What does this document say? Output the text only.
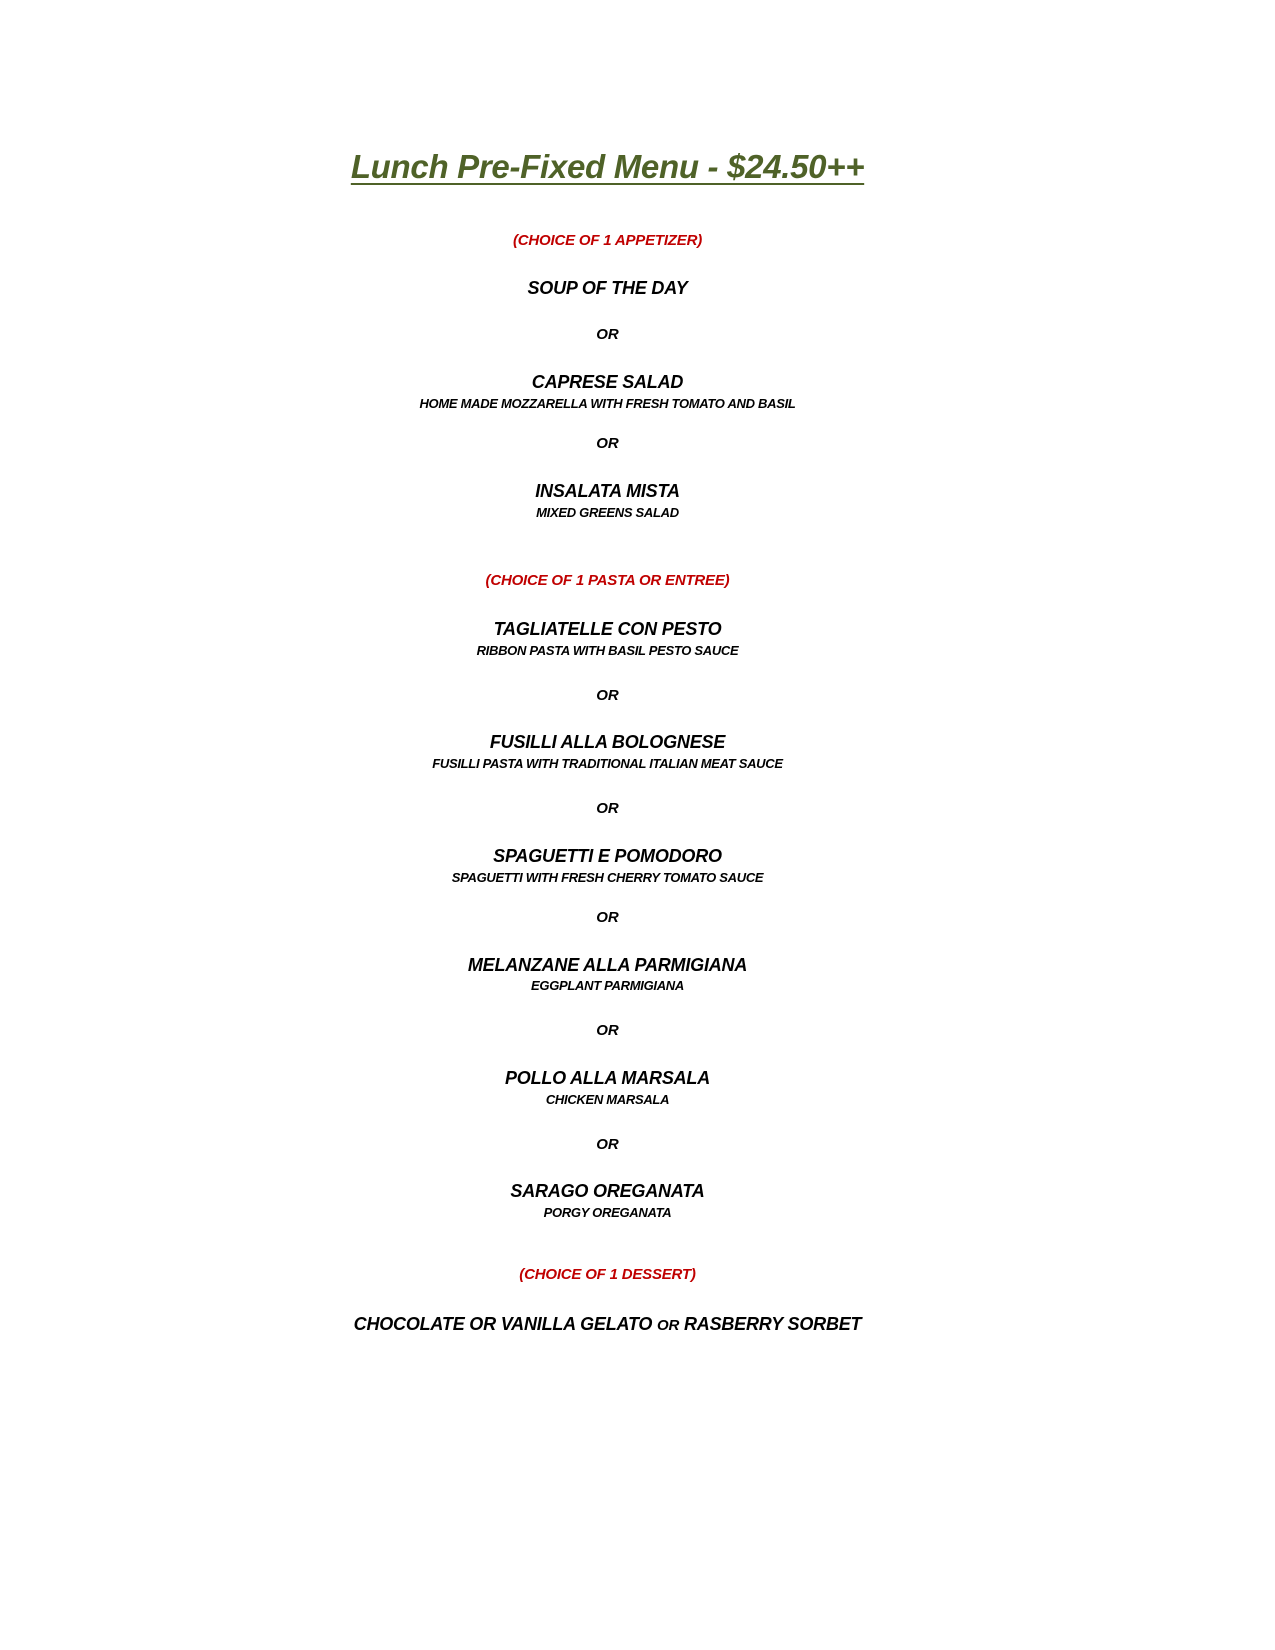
Lunch Pre-Fixed Menu - $24.50++
(CHOICE OF 1 APPETIZER)
SOUP OF THE DAY
OR
CAPRESE SALAD
HOME MADE MOZZARELLA WITH FRESH TOMATO AND BASIL
OR
INSALATA MISTA
MIXED GREENS SALAD
(CHOICE OF 1 PASTA OR ENTREE)
TAGLIATELLE CON PESTO
RIBBON PASTA WITH BASIL PESTO SAUCE
OR
FUSILLI ALLA BOLOGNESE
FUSILLI PASTA WITH TRADITIONAL ITALIAN MEAT SAUCE
OR
SPAGUETTI E POMODORO
SPAGUETTI WITH FRESH CHERRY TOMATO SAUCE
OR
MELANZANE ALLA PARMIGIANA
EGGPLANT PARMIGIANA
OR
POLLO ALLA MARSALA
CHICKEN MARSALA
OR
SARAGO OREGANATA
PORGY OREGANATA
(CHOICE OF 1 DESSERT)
CHOCOLATE OR VANILLA GELATO OR RASBERRY SORBET
